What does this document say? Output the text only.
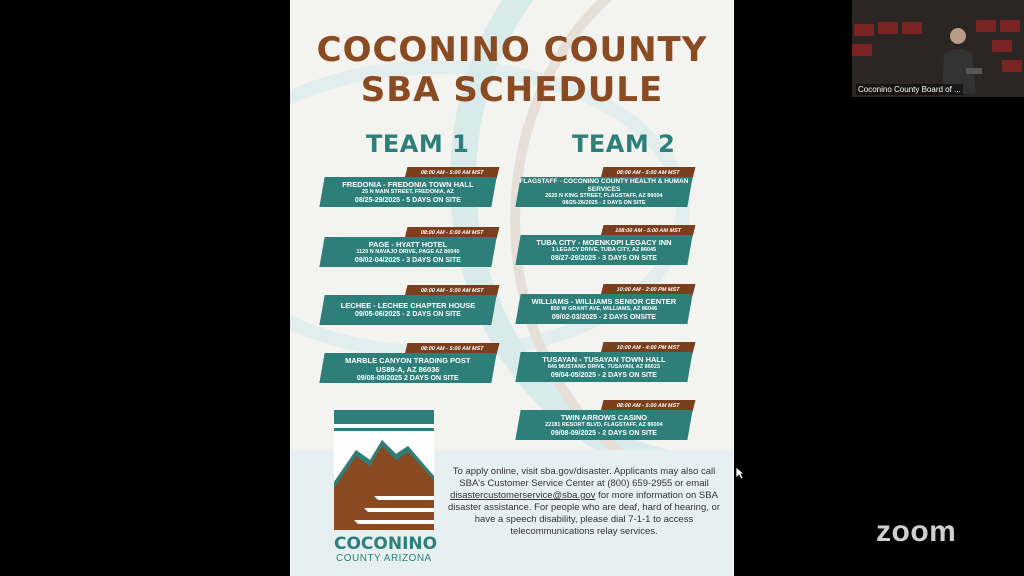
COCONINO COUNTY
SBA SCHEDULE
TEAM 1	TEAM 2
08:00 AM - 5:00 AM MST
FREDONIA - FREDONIA TOWN HALL
25 N MAIN STREET, FREDONIA, AZ
08/25-29/2025 - 5 DAYS ON SITE
08:00 AM - 5:00 AM MST
PAGE - HYATT HOTEL
1120 N NAVAJO DRIVE, PAGE AZ 86040
09/02-04/2025 - 3 DAYS ON SITE
08:00 AM - 5:00 AM MST
LECHEE - LECHEE CHAPTER HOUSE
09/05-06/2025 - 2 DAYS ON SITE
08:00 AM - 5:00 AM MST
MARBLE CANYON TRADING POST
US89-A, AZ 86036
09/08-09/2025 2 DAYS ON SITE
08:00 AM - 5:00 AM MST
FLAGSTAFF - COCONINO COUNTY HEALTH & HUMAN SERVICES
2625 N KING STREET, FLAGSTAFF, AZ 86004
08/25-26/2025 - 2 DAYS ON SITE
108:00 AM - 5:00 AM MST
TUBA CITY - MOENKOPI LEGACY INN
1 LEGACY DRIVE, TUBA CITY, AZ 86045
08/27-29/2025 - 3 DAYS ON SITE
10:00 AM - 2:00 PM MST
WILLIAMS - WILLIAMS SENIOR CENTER
850 W GRANT AVE, WILLIAMS, AZ 86046
09/02-03/2025 - 2 DAYS ONSITE
10:00 AM - 4:00 PM MST
TUSAYAN - TUSAYAN TOWN HALL
845 MUSTANG DRIVE, TUSAYAN, AZ 86023
09/04-05/2025 - 2 DAYS ON SITE
08:00 AM - 5:00 AM MST
TWIN ARROWS CASINO
22181 RESORT BLVD, FLAGSTAFF, AZ 86004
09/08-09/2025 - 2 DAYS ON SITE
COCONINO
COUNTY ARIZONA
To apply online, visit sba.gov/disaster. Applicants may also call SBA's Customer Service Center at (800) 659-2955 or email disastercustomerservice@sba.gov for more information on SBA disaster assistance. For people who are deaf, hard of hearing, or have a speech disability, please dial 7-1-1 to access telecommunications relay services.
Coconino County Board of ...
zoom
